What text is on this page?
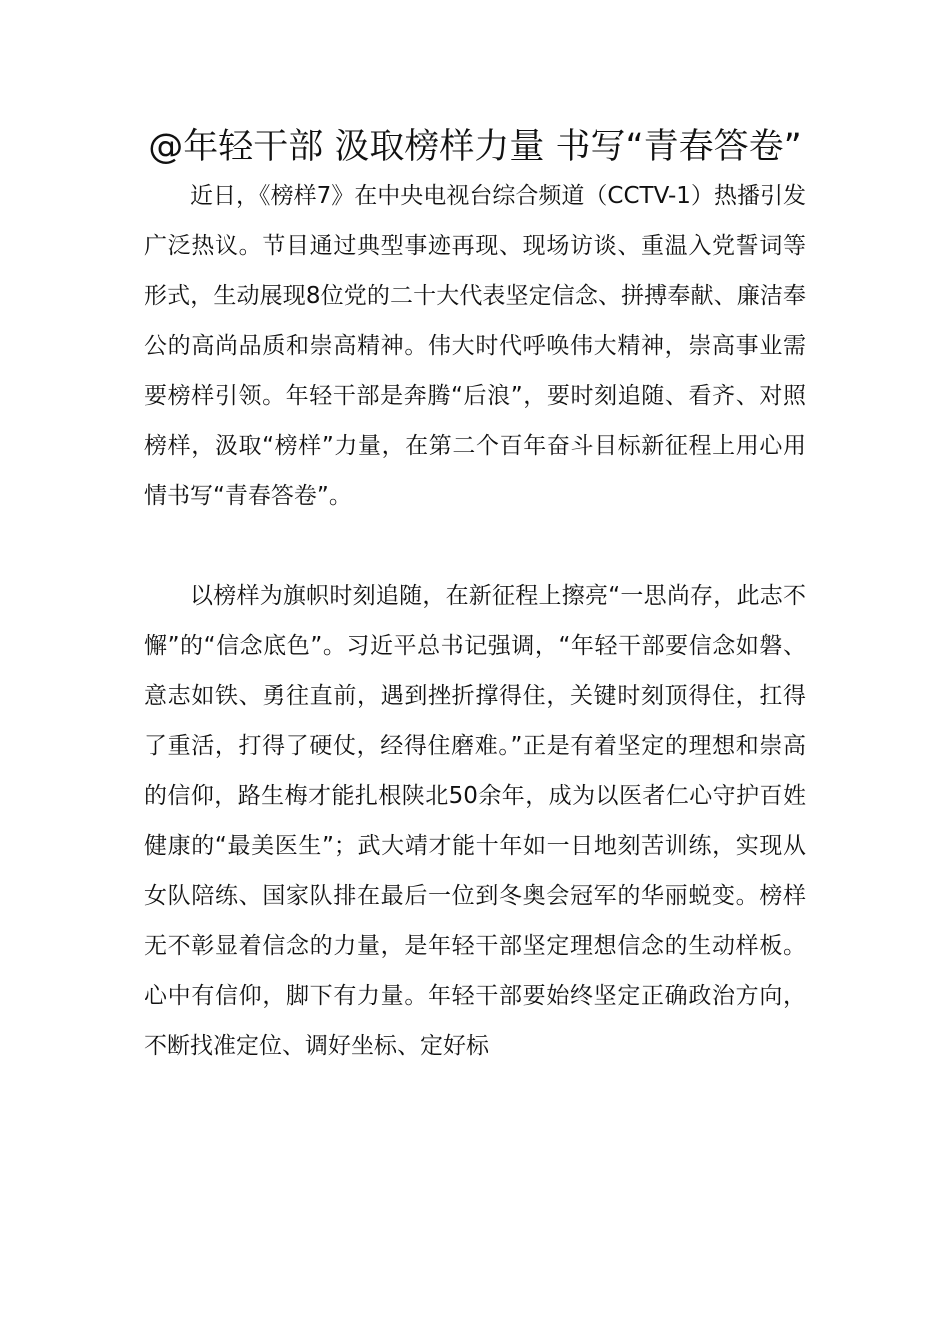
@年轻干部 汲取榜样力量 书写“青春答卷”

近日，《榜样7》在中央电视台综合频道（CCTV-1）热播引发广泛热议。节目通过典型事迹再现、现场访谈、重温入党誓词等形式，生动展现8位党的二十大代表坚定信念、拼搏奉献、廉洁奉公的高尚品质和崇高精神。伟大时代呼唤伟大精神，崇高事业需要榜样引领。年轻干部是奔腾“后浪”，要时刻追随、看齐、对照榜样，汲取“榜样”力量，在第二个百年奋斗目标新征程上用心用情书写“青春答卷”。

以榜样为旗帜时刻追随，在新征程上擦亮“一思尚存，此志不懈”的“信念底色”。习近平总书记强调，“年轻干部要信念如磐、意志如铁、勇往直前，遇到挫折撑得住，关键时刻顶得住，扛得了重活，打得了硬仗，经得住磨难。”正是有着坚定的理想和崇高的信仰，路生梅才能扎根陕北50余年，成为以医者仁心守护百姓健康的“最美医生”；武大靖才能十年如一日地刻苦训练，实现从女队陪练、国家队排在最后一位到冬奥会冠军的华丽蜕变。榜样无不彰显着信念的力量，是年轻干部坚定理想信念的生动样板。心中有信仰，脚下有力量。年轻干部要始终坚定正确政治方向，不断找准定位、调好坐标、定好标
